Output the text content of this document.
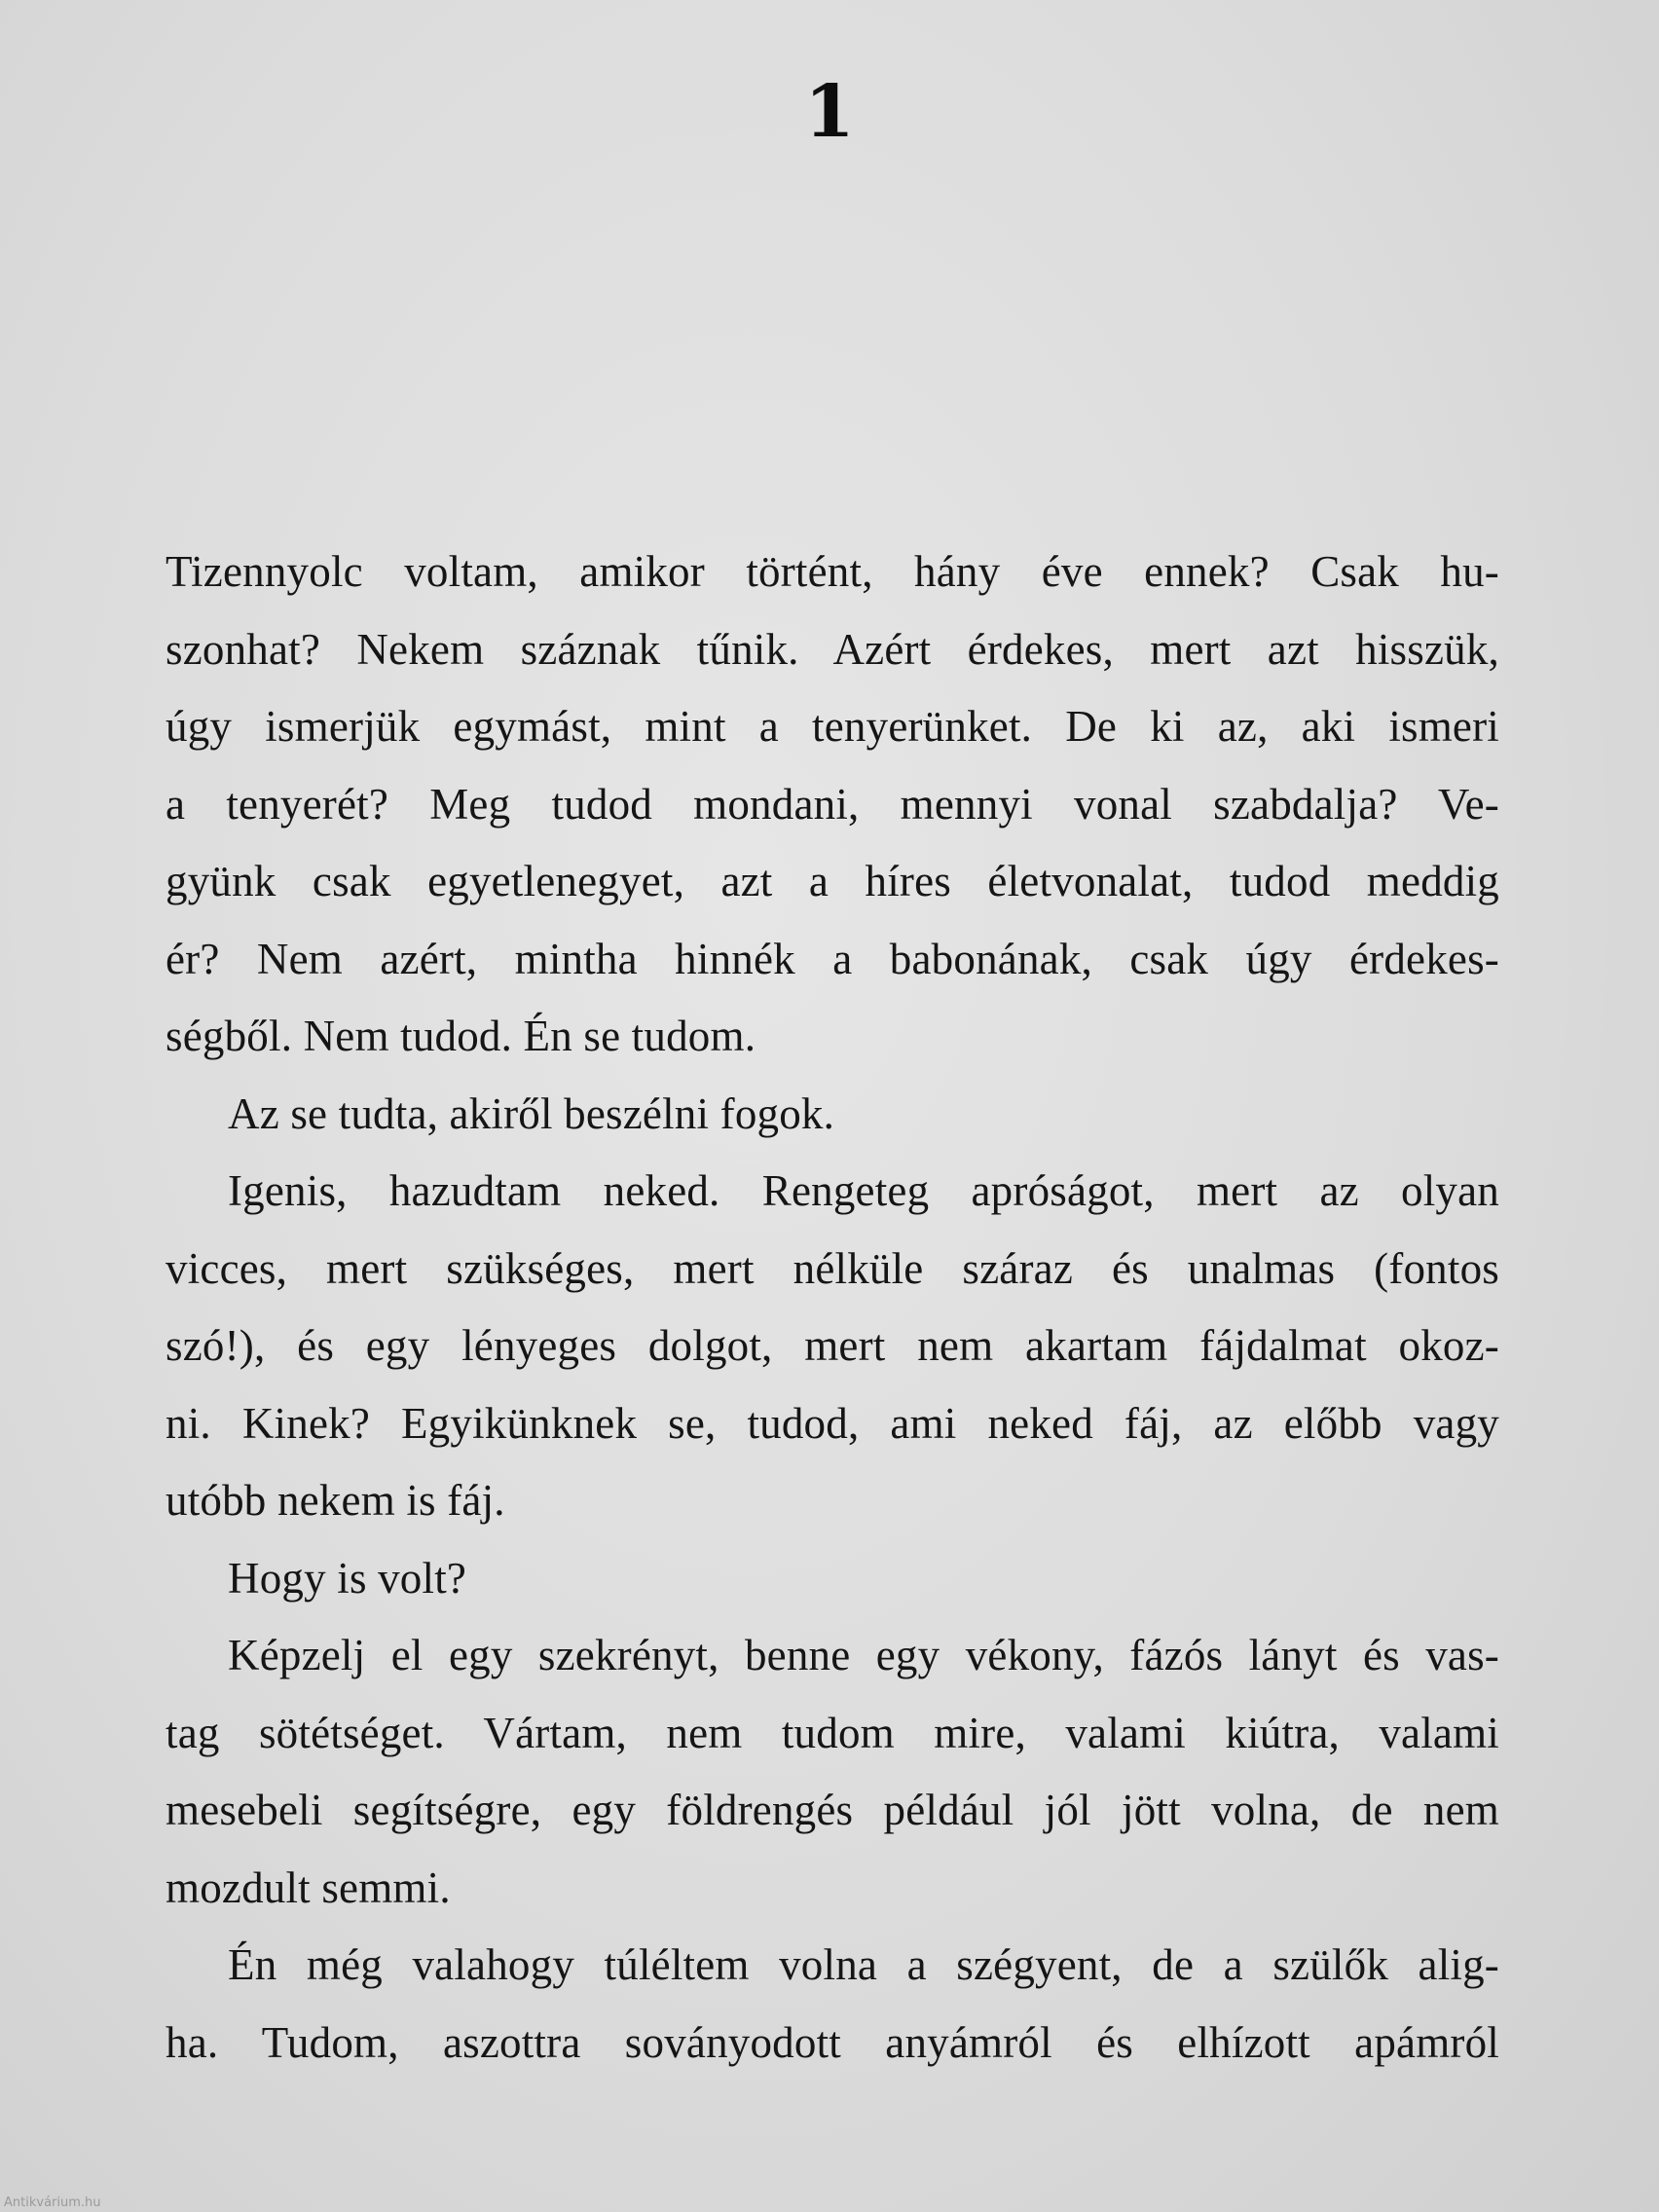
1
Tizennyolc voltam, amikor történt, hány éve ennek? Csak hu-
szonhat? Nekem száznak tűnik. Azért érdekes, mert azt hisszük,
úgy ismerjük egymást, mint a tenyerünket. De ki az, aki ismeri
a tenyerét? Meg tudod mondani, mennyi vonal szabdalja? Ve-
gyünk csak egyetlenegyet, azt a híres életvonalat, tudod meddig
ér? Nem azért, mintha hinnék a babonának, csak úgy érdekes-
ségből. Nem tudod. Én se tudom.
Az se tudta, akiről beszélni fogok.
Igenis, hazudtam neked. Rengeteg apróságot, mert az olyan
vicces, mert szükséges, mert nélküle száraz és unalmas (fontos
szó!), és egy lényeges dolgot, mert nem akartam fájdalmat okoz-
ni. Kinek? Egyikünknek se, tudod, ami neked fáj, az előbb vagy
utóbb nekem is fáj.
Hogy is volt?
Képzelj el egy szekrényt, benne egy vékony, fázós lányt és vas-
tag sötétséget. Vártam, nem tudom mire, valami kiútra, valami
mesebeli segítségre, egy földrengés például jól jött volna, de nem
mozdult semmi.
Én még valahogy túléltem volna a szégyent, de a szülők alig-
ha. Tudom, aszottra soványodott anyámról és elhízott apámról
Antikvárium.hu
